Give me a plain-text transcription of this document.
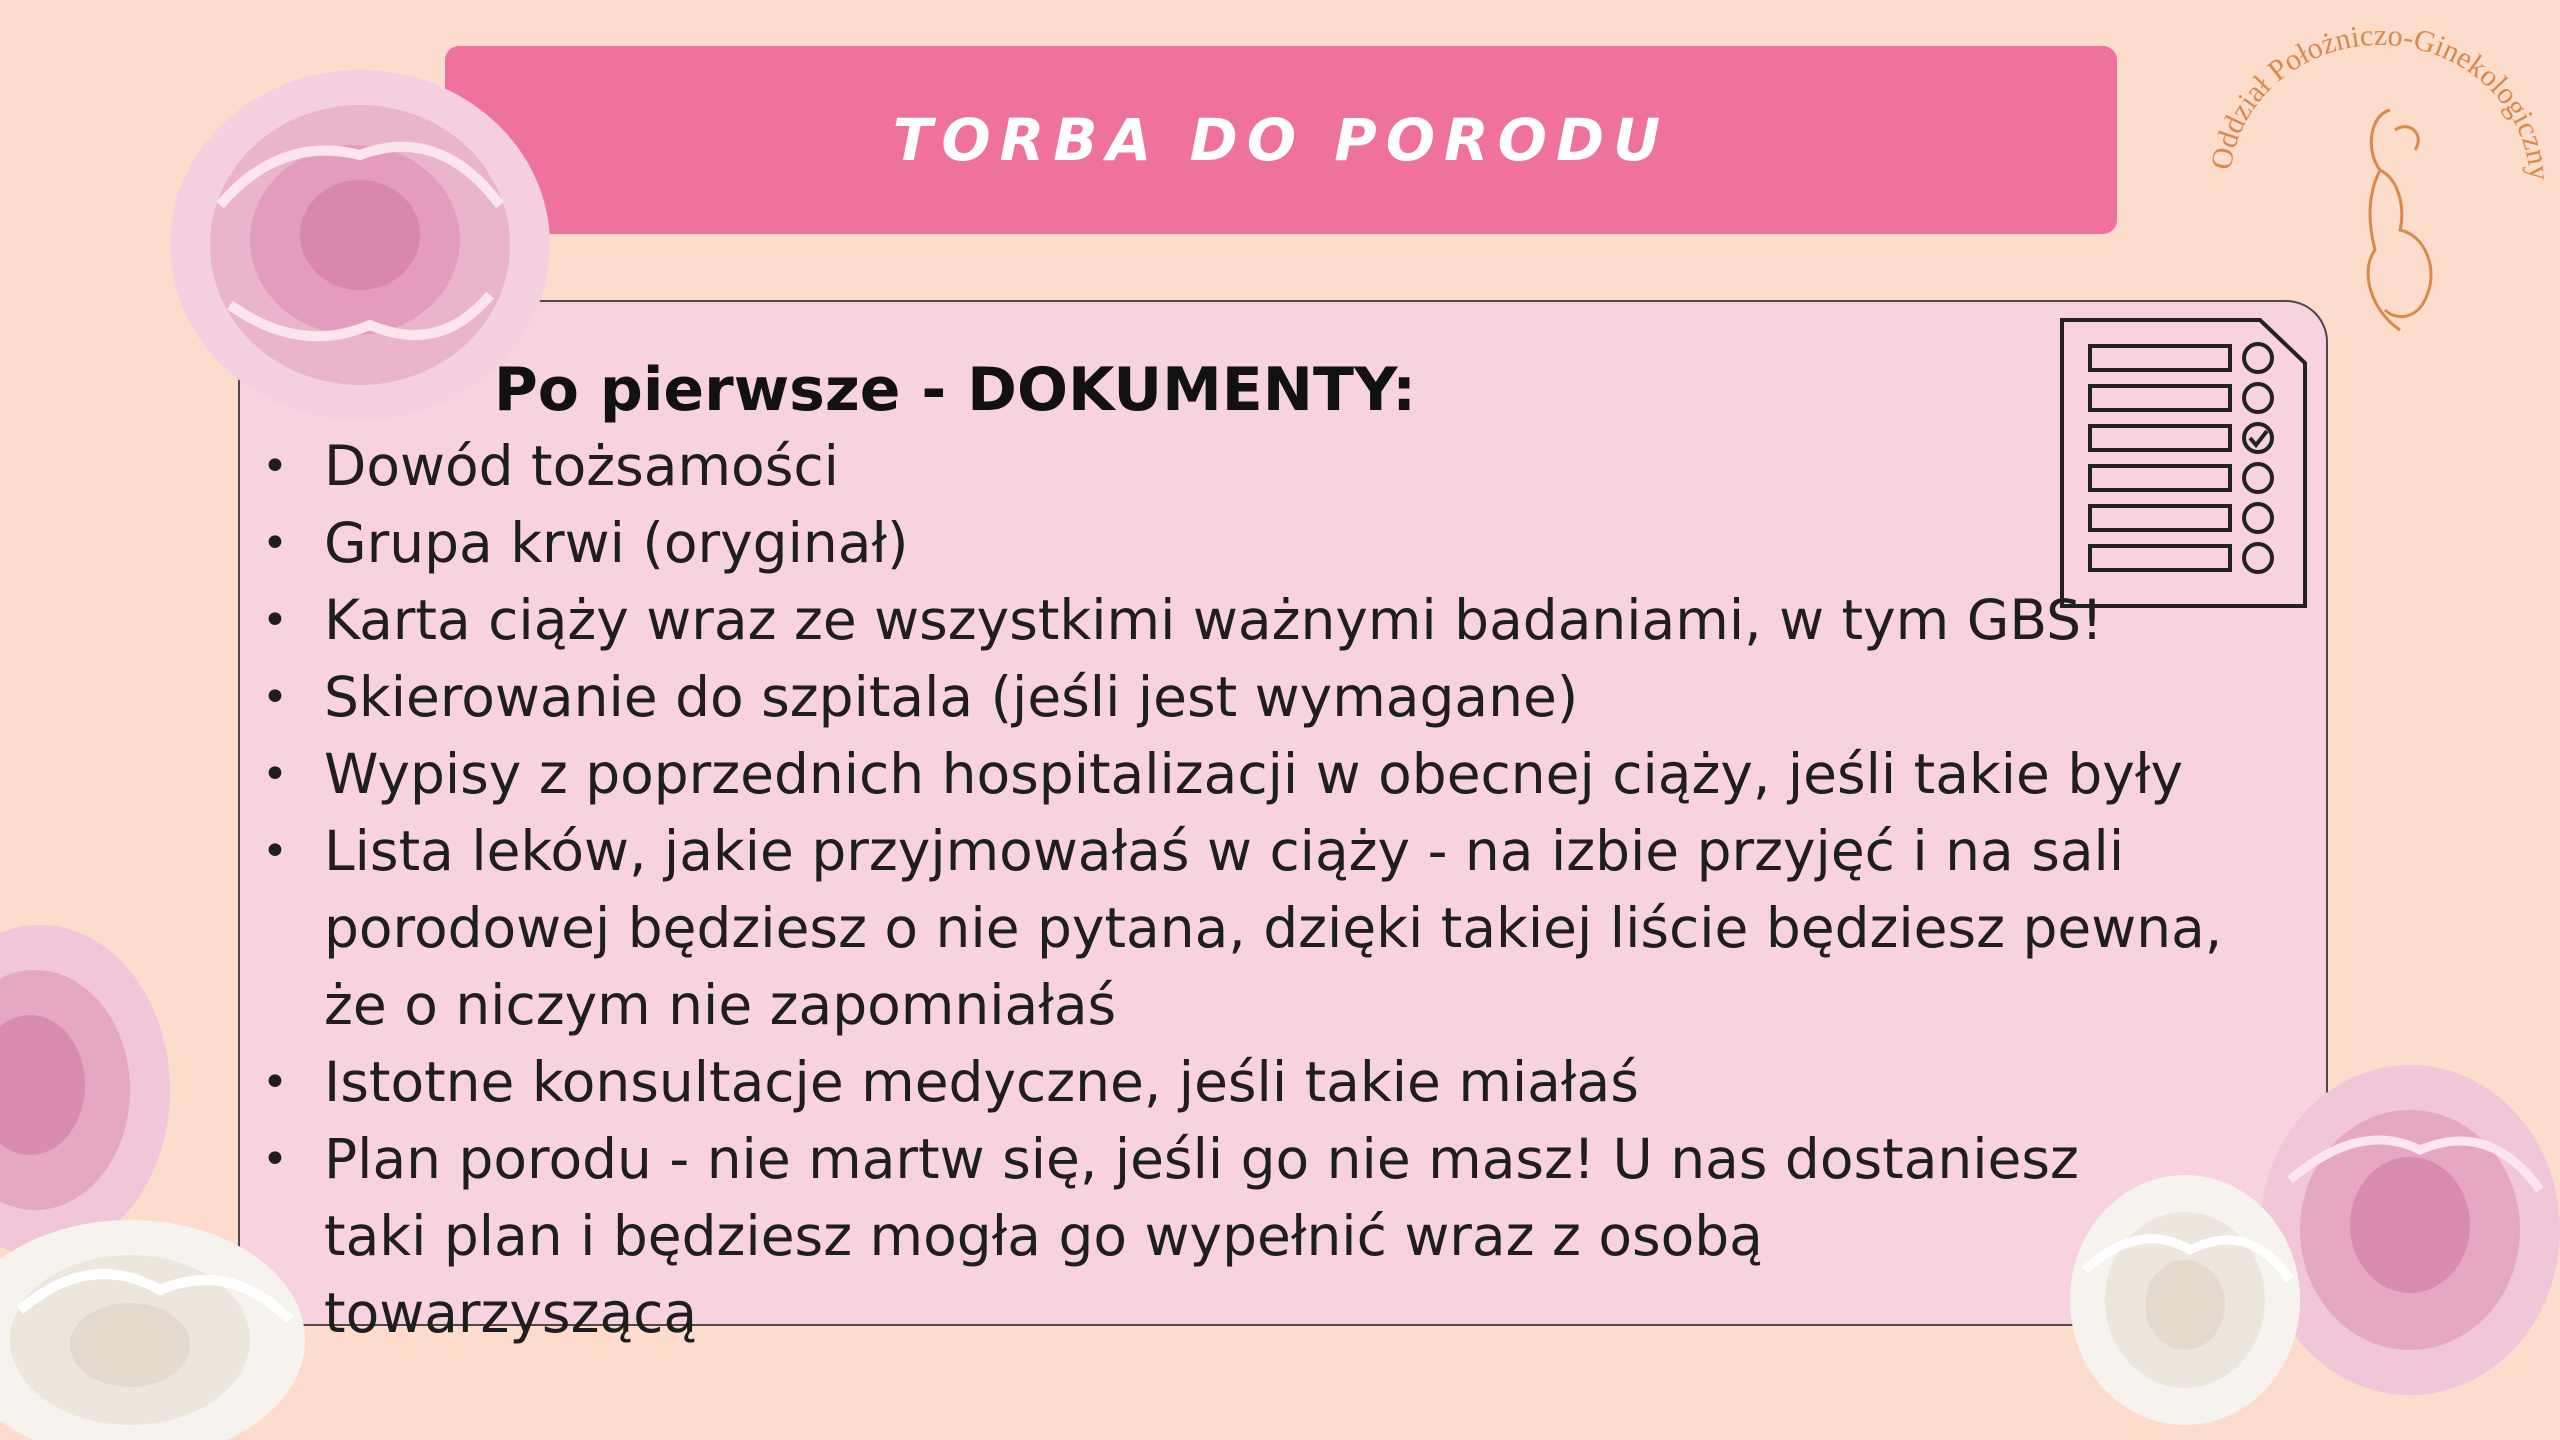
TORBA DO PORODU	Oddział Położniczo-Ginekologiczny
Po pierwsze - DOKUMENTY:
• Dowód tożsamości
• Grupa krwi (oryginał)
• Karta ciąży wraz ze wszystkimi ważnymi badaniami, w tym GBS!
• Skierowanie do szpitala (jeśli jest wymagane)
• Wypisy z poprzednich hospitalizacji w obecnej ciąży, jeśli takie były
• Lista leków, jakie przyjmowałaś w ciąży - na izbie przyjęć i na sali porodowej będziesz o nie pytana, dzięki takiej liście będziesz pewna, że o niczym nie zapomniałaś
• Istotne konsultacje medyczne, jeśli takie miałaś
• Plan porodu - nie martw się, jeśli go nie masz! U nas dostaniesz taki plan i będziesz mogła go wypełnić wraz z osobą towarzyszącą
